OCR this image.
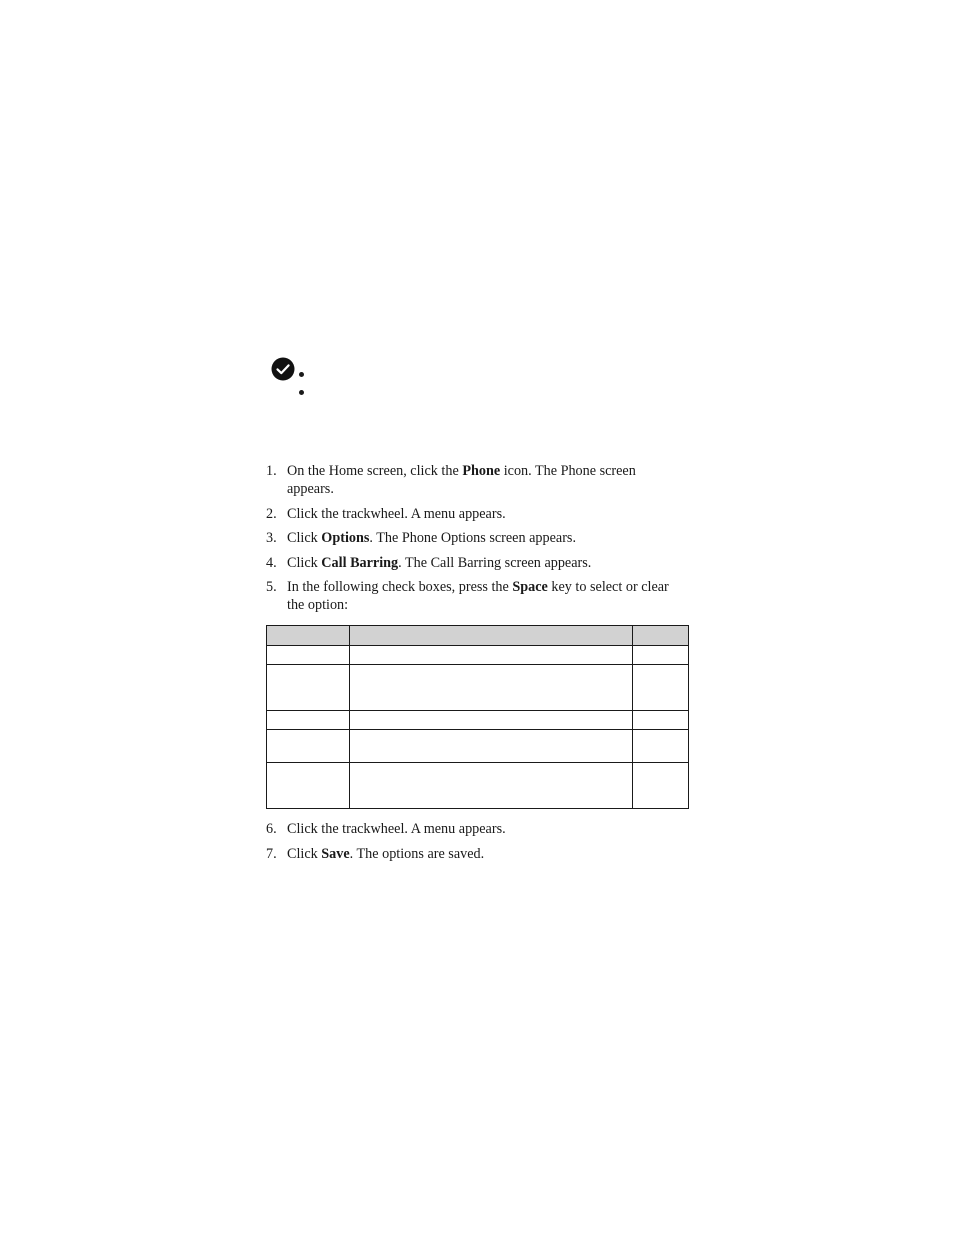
1. On the Home screen, click the Phone icon. The Phone screen appears.
2. Click the trackwheel. A menu appears.
3. Click Options. The Phone Options screen appears.
4. Click Call Barring. The Call Barring screen appears.
5. In the following check boxes, press the Space key to select or clear the option:

6. Click the trackwheel. A menu appears.
7. Click Save. The options are saved.
